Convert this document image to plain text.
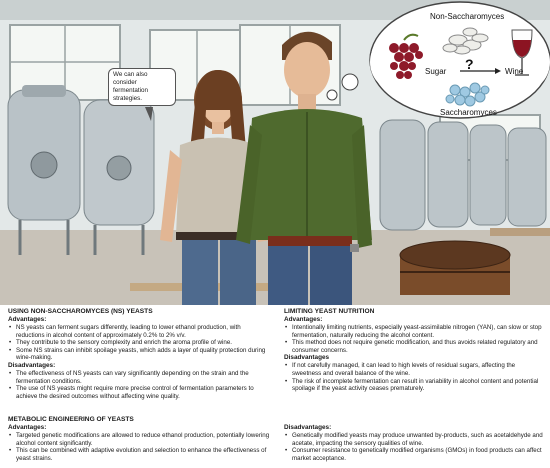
We can also consider fermentation strategies.
Non-Saccharomyces
Sugar ?	Wine
Saccharomyces
USING NON-SACCHAROMYCES (NS) YEASTS
Advantages:
• NS yeasts can ferment sugars differently, leading to lower ethanol production, with reductions in alcohol content of approximately 0.2% to 2% v/v.
• They contribute to the sensory complexity and enrich the aroma profile of wine.
• Some NS strains can inhibit spoilage yeasts, which adds a layer of quality protection during wine-making.
Disadvantages:
• The effectiveness of NS yeasts can vary significantly depending on the strain and the fermentation conditions.
• The use of NS yeasts might require more precise control of fermentation parameters to achieve the desired outcomes without affecting wine quality.
LIMITING YEAST NUTRITION
Advantages:
• Intentionally limiting nutrients, especially yeast-assimilable nitrogen (YAN), can slow or stop fermentation, naturally reducing the alcohol content.
• This method does not require genetic modification, and thus avoids related regulatory and consumer concerns.
Disadvantages
• If not carefully managed, it can lead to high levels of residual sugars, affecting the sweetness and overall balance of the wine.
• The risk of incomplete fermentation can result in variability in alcohol content and potential spoilage if the yeast activity ceases prematurely.
METABOLIC ENGINEERING OF YEASTS
Advantages:
• Targeted genetic modifications are allowed to reduce ethanol production, potentially lowering alcohol content significantly.
• This can be combined with adaptive evolution and selection to enhance the effectiveness of yeast strains.
Disadvantages:
• Genetically modified yeasts may produce unwanted by-products, such as acetaldehyde and acetate, impacting the sensory qualities of wine.
• Consumer resistance to genetically modified organisms (GMOs) in food products can affect market acceptance.
